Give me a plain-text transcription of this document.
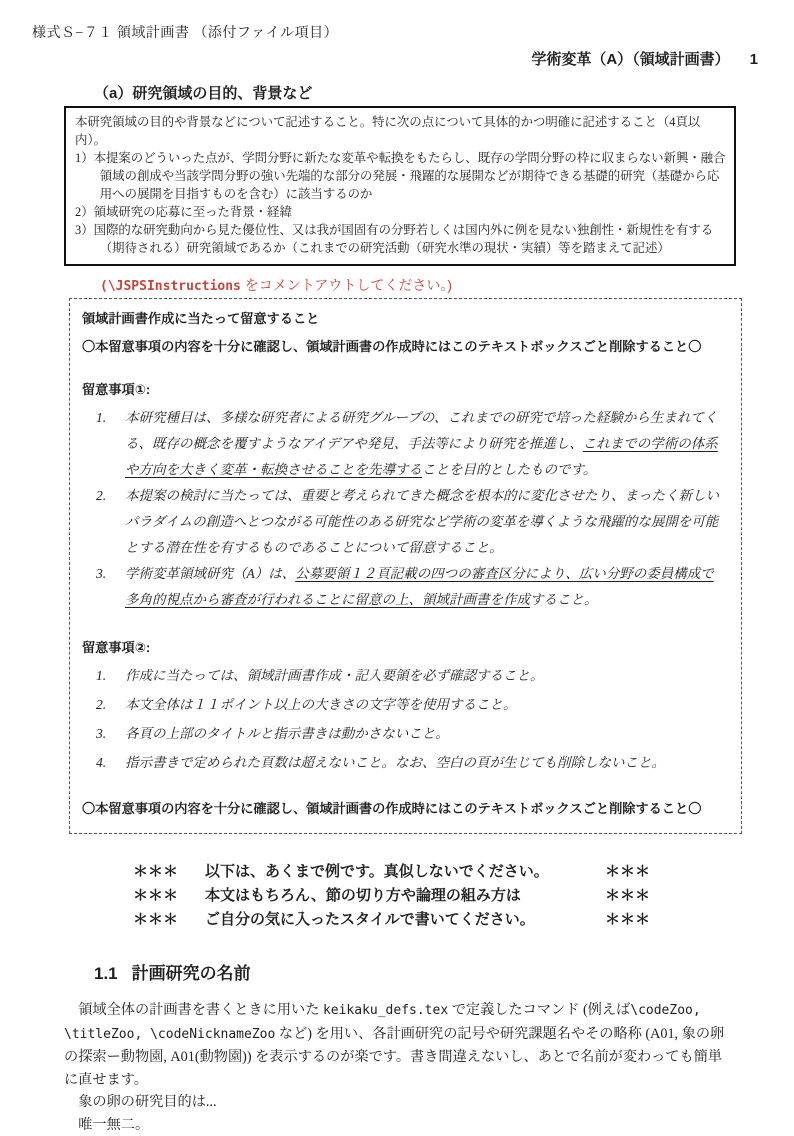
様式Ｓ−７１ 領域計画書 （添付ファイル項目）
学術変革（A）（領域計画書） 1
（a）研究領域の目的、背景など
本研究領域の目的や背景などについて記述すること。特に次の点について具体的かつ明確に記述すること（4頁以内）。
1）本提案のどういった点が、学問分野に新たな変革や転換をもたらし、既存の学問分野の枠に収まらない新興・融合領域の創成や当該学問分野の強い先端的な部分の発展・飛躍的な展開などが期待できる基礎的研究（基礎から応用への展開を目指すものを含む）に該当するのか
2）領域研究の応募に至った背景・経緯
3）国際的な研究動向から見た優位性、又は我が国固有の分野若しくは国内外に例を見ない独創性・新規性を有する（期待される）研究領域であるか（これまでの研究活動（研究水準の現状・実績）等を踏まえて記述）
(\JSPSInstructions をコメントアウトしてください。)
領域計画書作成に当たって留意すること
〇本留意事項の内容を十分に確認し、領域計画書の作成時にはこのテキストボックスごと削除すること〇
留意事項①:
本研究種目は、多様な研究者による研究グループの、これまでの研究で培った経験から生まれてくる、既存の概念を覆すようなアイデアや発見、手法等により研究を推進し、これまでの学術の体系や方向を大きく変革・転換させることを先導することを目的としたものです。
本提案の検討に当たっては、重要と考えられてきた概念を根本的に変化させたり、まったく新しいパラダイムの創造へとつながる可能性のある研究など学術の変革を導くような飛躍的な展開を可能とする潜在性を有するものであることについて留意すること。
学術変革領域研究（A）は、公募要領１２頁記載の四つの審査区分により、広い分野の委員構成で多角的視点から審査が行われることに留意の上、領域計画書を作成すること。
留意事項②:
作成に当たっては、領域計画書作成・記入要領を必ず確認すること。
本文全体は１１ポイント以上の大きさの文字等を使用すること。
各頁の上部のタイトルと指示書きは動かさないこと。
指示書きで定められた頁数は超えないこと。なお、空白の頁が生じても削除しないこと。
〇本留意事項の内容を十分に確認し、領域計画書の作成時にはこのテキストボックスごと削除すること〇
＊＊＊	以下は、あくまで例です。真似しないでください。	＊＊＊
＊＊＊	本文はもちろん、節の切り方や論理の組み方は	＊＊＊
＊＊＊	ご自分の気に入ったスタイルで書いてください。	＊＊＊
1.1 計画研究の名前

領域全体の計画書を書くときに用いた keikaku_defs.tex で定義したコマンド (例えば\codeZoo, \titleZoo, \codeNicknameZoo など) を用い、各計画研究の記号や研究課題名やその略称 (A01, 象の卵の探索ー動物園, A01(動物園)) を表示するのが楽です。書き間違えないし、あとで名前が変わっても簡単に直せます。

象の卵の研究目的は...
唯一無二。
